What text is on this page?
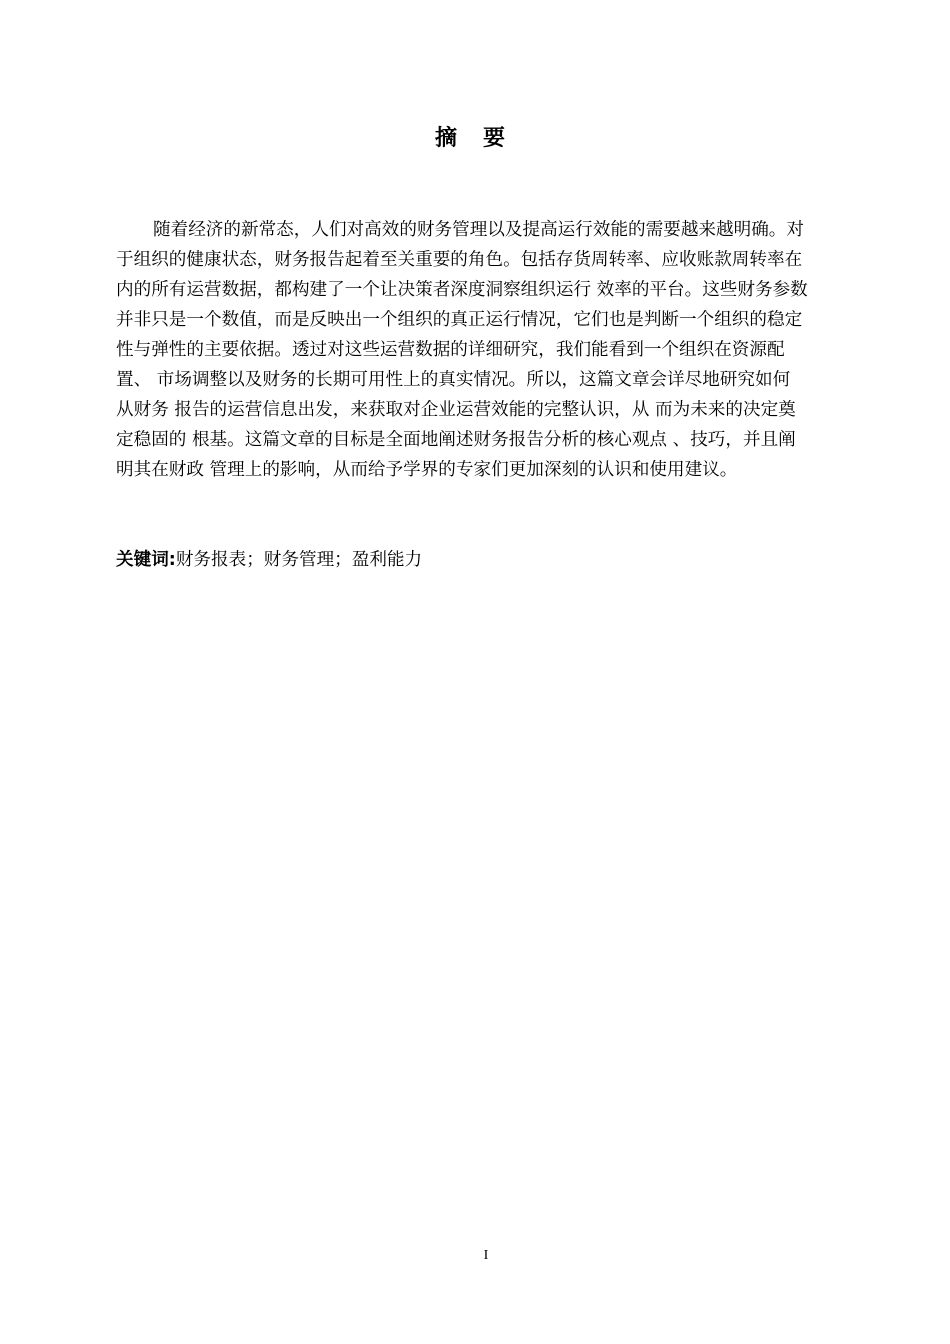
摘要
随着经济的新常态，人们对高效的财务管理以及提高运行效能的需要越来越明确。对
于组织的健康状态，财务报告起着至关重要的角色。包括存货周转率、应收账款周转率在
内的所有运营数据，都构建了一个让决策者深度洞察组织运行 效率的平台。这些财务参数
并非只是一个数值，而是反映出一个组织的真正运行情况，它们也是判断一个组织的稳定
性与弹性的主要依据。透过对这些运营数据的详细研究，我们能看到一个组织在资源配
置、 市场调整以及财务的长期可用性上的真实情况。所以，这篇文章会详尽地研究如何
从财务 报告的运营信息出发，来获取对企业运营效能的完整认识，从 而为未来的决定奠
定稳固的 根基。这篇文章的目标是全面地阐述财务报告分析的核心观点 、技巧，并且阐
明其在财政 管理上的影响，从而给予学界的专家们更加深刻的认识和使用建议。
关键词:财务报表；财务管理；盈利能力
I
